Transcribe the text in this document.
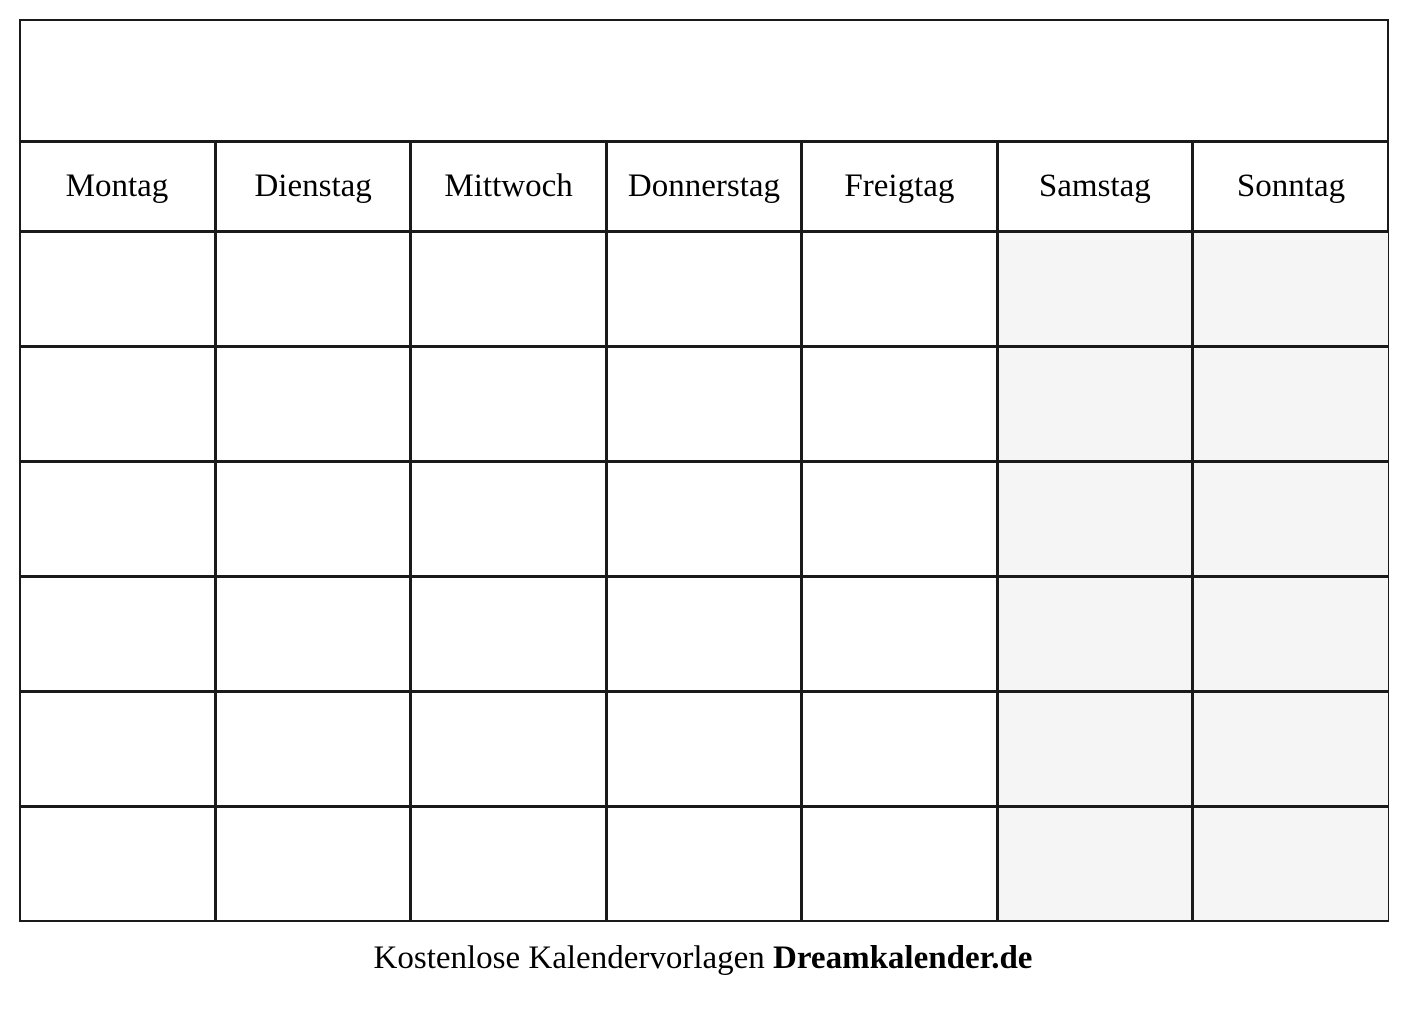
Montag	Dienstag	Mittwoch	Donnerstag	Freigtag	Samstag	Sonntag

Kostenlose Kalendervorlagen Dreamkalender.de
